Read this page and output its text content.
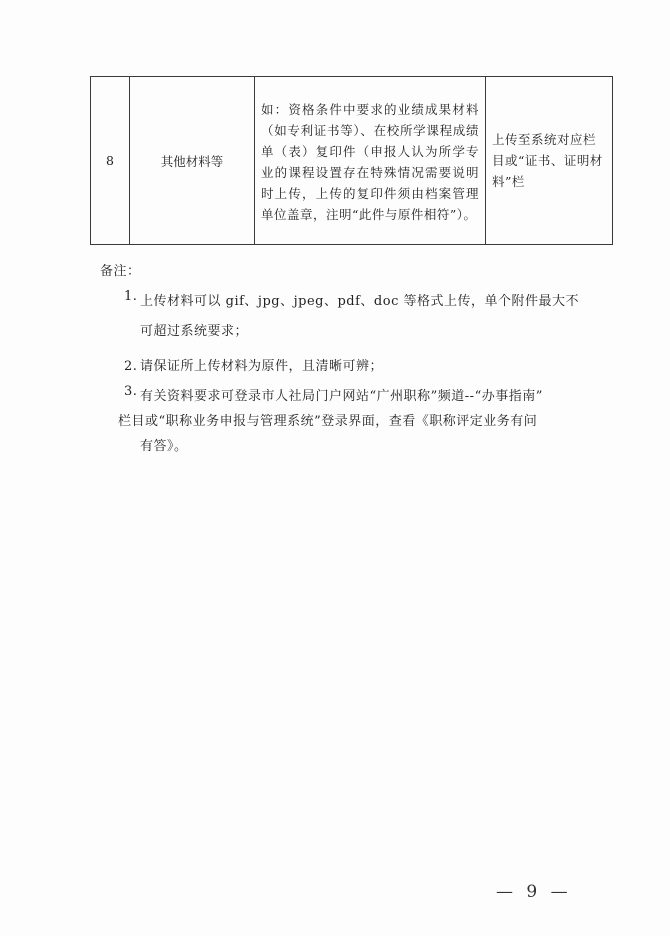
8	其他材料等	如：资格条件中要求的业绩成果材料（如专利证书等）、在校所学课程成绩单（表）复印件（申报人认为所学专业的课程设置存在特殊情况需要说明时上传，上传的复印件须由档案管理单位盖章，注明“此件与原件相符”）。	上传至系统对应栏目或“证书、证明材料”栏
备注：
1. 上传材料可以 gif、jpg、jpeg、pdf、doc 等格式上传，单个附件最大不可超过系统要求；
2. 请保证所上传材料为原件，且清晰可辨；
3. 有关资料要求可登录市人社局门户网站“广州职称”频道--“办事指南”
栏目或“职称业务申报与管理系统”登录界面，查看《职称评定业务有问
有答》。
— 9 —
